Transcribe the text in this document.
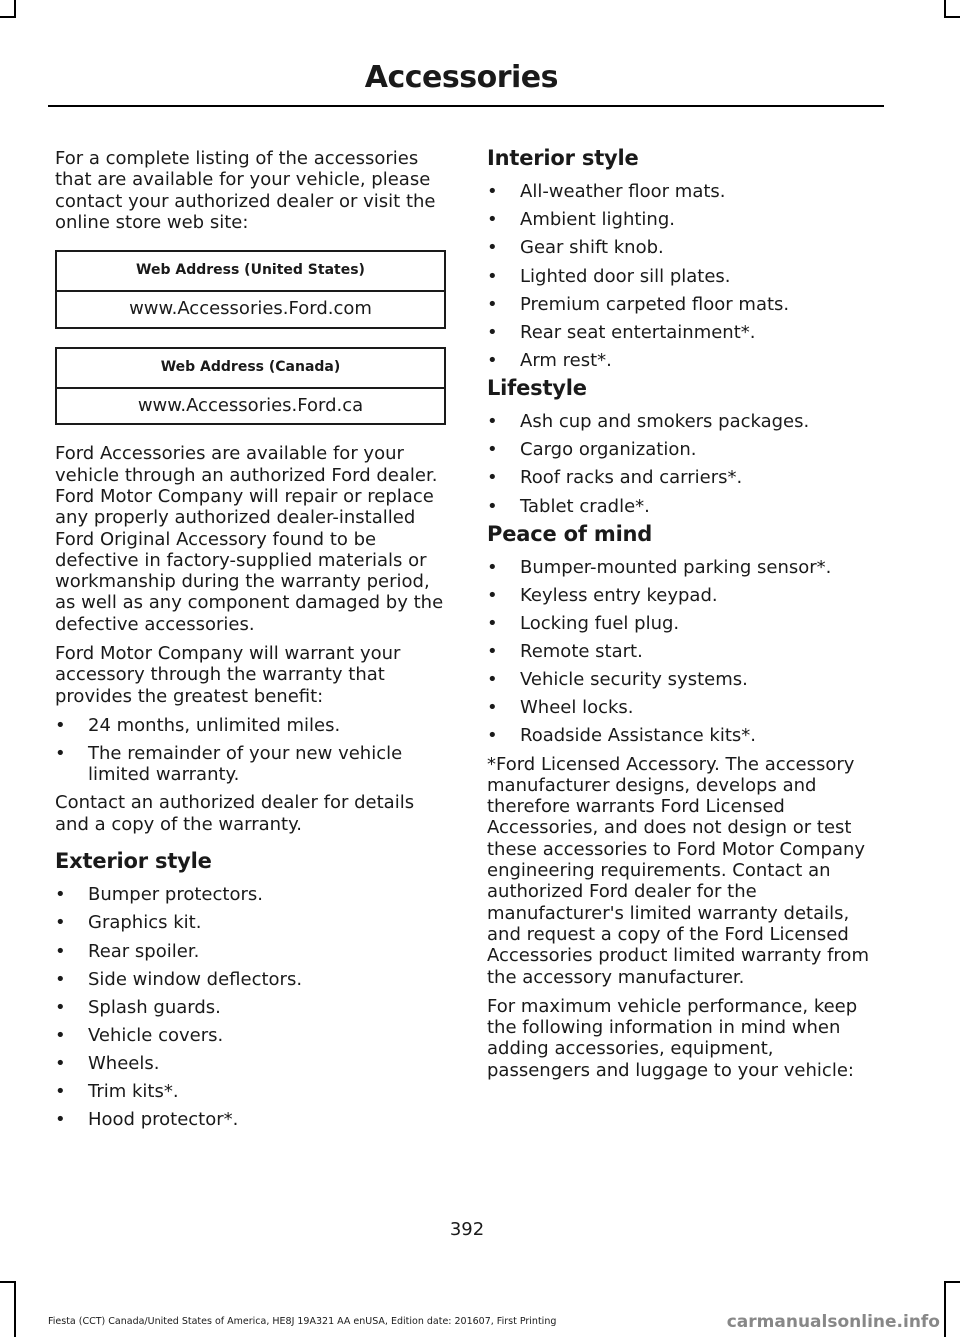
Accessories

For a complete listing of the accessories that are available for your vehicle, please contact your authorized dealer or visit the online store web site:

Web Address (United States)
www.Accessories.Ford.com
Web Address (Canada)
www.Accessories.Ford.ca

Ford Accessories are available for your vehicle through an authorized Ford dealer. Ford Motor Company will repair or replace any properly authorized dealer-installed Ford Original Accessory found to be defective in factory-supplied materials or workmanship during the warranty period, as well as any component damaged by the defective accessories.

Ford Motor Company will warrant your accessory through the warranty that provides the greatest benefit:

• 24 months, unlimited miles.
• The remainder of your new vehicle limited warranty.

Contact an authorized dealer for details and a copy of the warranty.

Exterior style
• Bumper protectors.
• Graphics kit.
• Rear spoiler.
• Side window deflectors.
• Splash guards.
• Vehicle covers.
• Wheels.
• Trim kits*.
• Hood protector*.
Interior style
• All-weather floor mats.
• Ambient lighting.
• Gear shift knob.
• Lighted door sill plates.
• Premium carpeted floor mats.
• Rear seat entertainment*.
• Arm rest*.
Lifestyle
• Ash cup and smokers packages.
• Cargo organization.
• Roof racks and carriers*.
• Tablet cradle*.
Peace of mind
• Bumper-mounted parking sensor*.
• Keyless entry keypad.
• Locking fuel plug.
• Remote start.
• Vehicle security systems.
• Wheel locks.
• Roadside Assistance kits*.

*Ford Licensed Accessory. The accessory manufacturer designs, develops and therefore warrants Ford Licensed Accessories, and does not design or test these accessories to Ford Motor Company engineering requirements. Contact an authorized Ford dealer for the manufacturer's limited warranty details, and request a copy of the Ford Licensed Accessories product limited warranty from the accessory manufacturer.

For maximum vehicle performance, keep the following information in mind when adding accessories, equipment, passengers and luggage to your vehicle:

392
Fiesta (CCT) Canada/United States of America, HE8J 19A321 AA enUSA, Edition date: 201607, First Printing	carmanualsonline.info
